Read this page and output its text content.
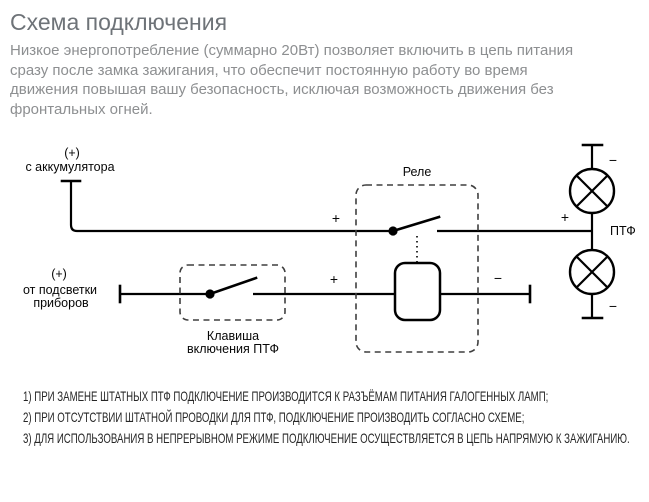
Схема подключения

Низкое энергопотребление (суммарно 20Вт) позволяет включить в цепь питания сразу после замка зажигания, что обеспечит постоянную работу во время движения повышая вашу безопасность, исключая возможность движения без фронтальных огней.

(+)
с аккумулятора
(+)
от подсветки
приборов
Клавиша
включения ПТФ
Реле
ПТФ
+
+
+
−
−
−
1) ПРИ ЗАМЕНЕ ШТАТНЫХ ПТФ ПОДКЛЮЧЕНИЕ ПРОИЗВОДИТСЯ К РАЗЪЁМАМ ПИТАНИЯ ГАЛОГЕННЫХ ЛАМП;
2) ПРИ ОТСУТСТВИИ ШТАТНОЙ ПРОВОДКИ ДЛЯ ПТФ, ПОДКЛЮЧЕНИЕ ПРОИЗВОДИТЬ СОГЛАСНО СХЕМЕ;
3) ДЛЯ ИСПОЛЬЗОВАНИЯ В НЕПРЕРЫВНОМ РЕЖИМЕ ПОДКЛЮЧЕНИЕ ОСУЩЕСТВЛЯЕТСЯ В ЦЕПЬ НАПРЯМУЮ К ЗАЖИГАНИЮ.
